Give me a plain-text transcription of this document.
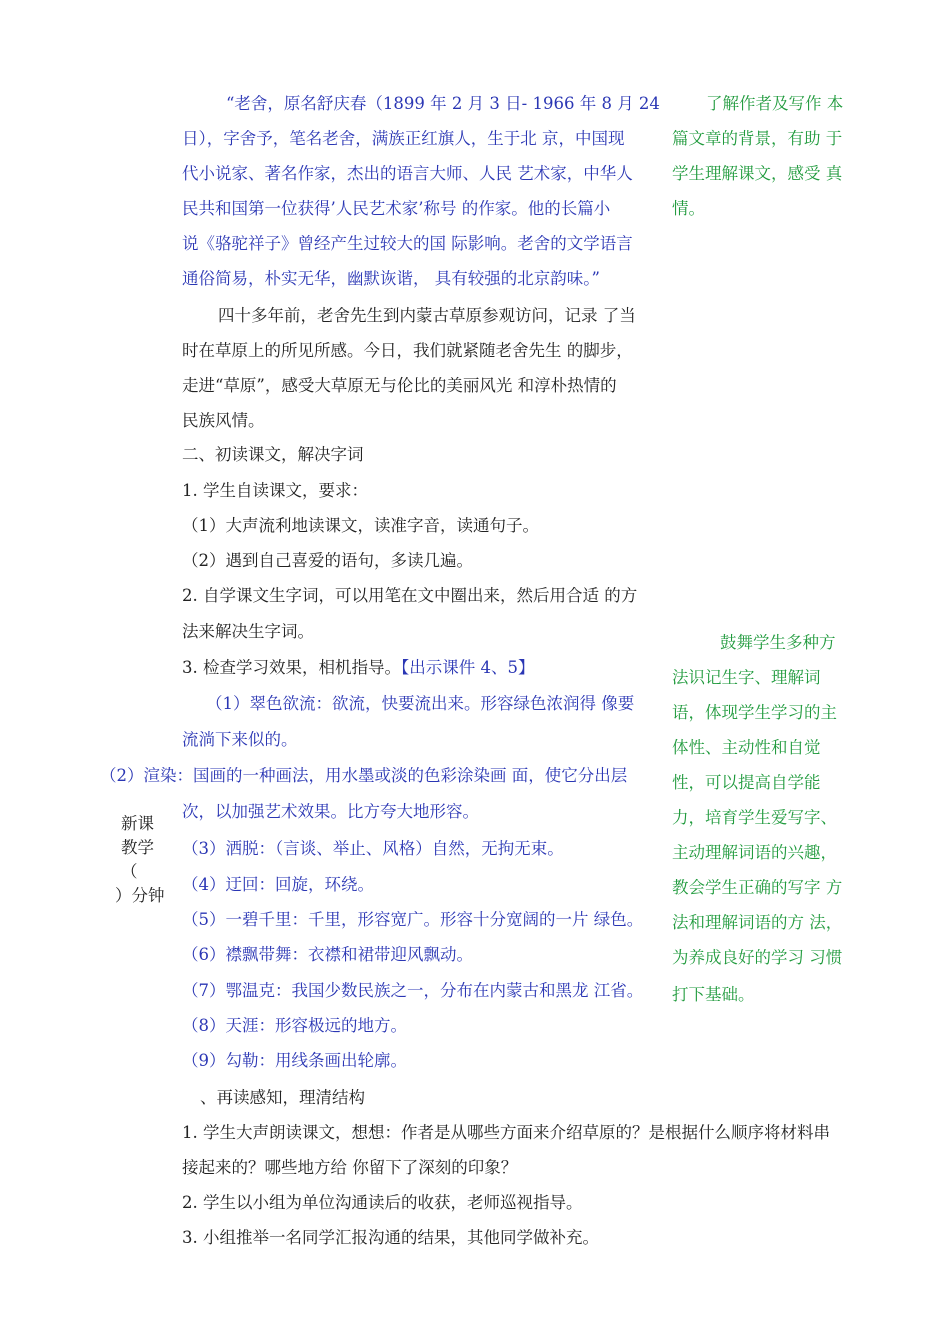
“老舍，原名舒庆春（1899 年 2 月 3 日- 1966 年 8 月 24
日），字舍予，笔名老舍，满族正红旗人，生于北 京，中国现
代小说家、著名作家，杰出的语言大师、人民 艺术家，中华人
民共和国第一位获得’人民艺术家’称号 的作家。他的长篇小
说《骆驼祥子》曾经产生过较大的国 际影响。老舍的文学语言
通俗简易，朴实无华，幽默诙谐， 具有较强的北京韵味。”
四十多年前，老舍先生到内蒙古草原参观访问，记录 了当
时在草原上的所见所感。今日，我们就紧随老舍先生 的脚步，
走进“草原”，感受大草原无与伦比的美丽风光 和淳朴热情的
民族风情。
二、初读课文，解决字词
1. 学生自读课文，要求：
（1）大声流利地读课文，读准字音，读通句子。
（2）遇到自己喜爱的语句，多读几遍。
2. 自学课文生字词，可以用笔在文中圈出来，然后用合适 的方
法来解决生字词。
3. 检查学习效果，相机指导。【出示课件 4、5】
（1）翠色欲流：欲流，快要流出来。形容绿色浓润得 像要
流淌下来似的。
（2）渲染：国画的一种画法，用水墨或淡的色彩涂染画 面，使它分出层
次，以加强艺术效果。比方夸大地形容。
（3）洒脱：（言谈、举止、风格）自然，无拘无束。
（4）迂回：回旋，环绕。
（5）一碧千里：千里，形容宽广。形容十分宽阔的一片 绿色。
（6）襟飘带舞：衣襟和裙带迎风飘动。
（7）鄂温克：我国少数民族之一，分布在内蒙古和黑龙 江省。
（8）天涯：形容极远的地方。
（9）勾勒：用线条画出轮廓。
、再读感知，理清结构
1. 学生大声朗读课文，想想：作者是从哪些方面来介绍草原的？是根据什么顺序将材料串
接起来的？哪些地方给 你留下了深刻的印象？
2. 学生以小组为单位沟通读后的收获，老师巡视指导。
3. 小组推举一名同学汇报沟通的结果，其他同学做补充。
新课
教学
（
）分钟
了解作者及写作 本
篇文章的背景，有助 于
学生理解课文，感受 真
情。
鼓舞学生多种方
法识记生字、理解词
语，体现学生学习的主
体性、主动性和自觉
性，可以提高自学能
力，培育学生爱写字、
主动理解词语的兴趣，
教会学生正确的写字 方
法和理解词语的方 法，
为养成良好的学习 习惯
打下基础。
